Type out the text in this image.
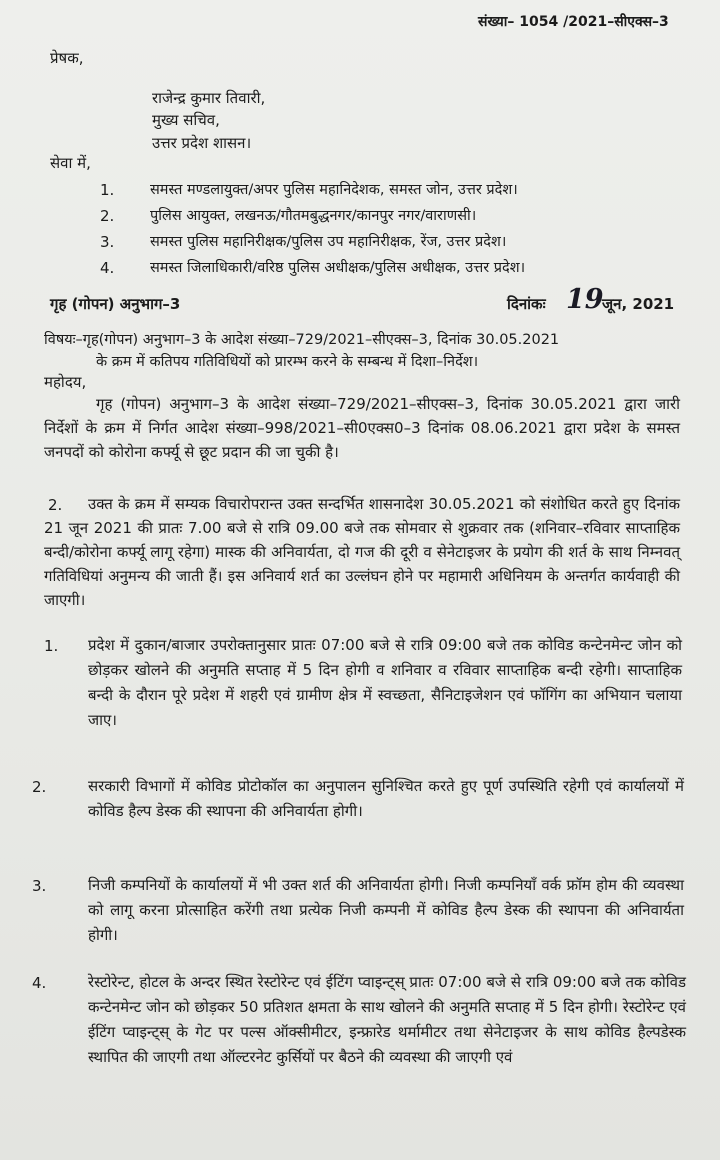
संख्या– 1054 /2021–सीएक्स–3
प्रेषक,
राजेन्द्र कुमार तिवारी,
मुख्य सचिव,
उत्तर प्रदेश शासन।
सेवा में,
1. समस्त मण्डलायुक्त/अपर पुलिस महानिदेशक, समस्त जोन, उत्तर प्रदेश।
2. पुलिस आयुक्त, लखनऊ/गौतमबुद्धनगर/कानपुर नगर/वाराणसी।
3. समस्त पुलिस महानिरीक्षक/पुलिस उप महानिरीक्षक, रेंज, उत्तर प्रदेश।
4. समस्त जिलाधिकारी/वरिष्ठ पुलिस अधीक्षक/पुलिस अधीक्षक, उत्तर प्रदेश।
गृह (गोपन) अनुभाग–3	दिनांकः 19
जून, 2021
विषयः–गृह(गोपन) अनुभाग–3 के आदेश संख्या–729/2021–सीएक्स–3, दिनांक 30.05.2021
के क्रम में कतिपय गतिविधियों को प्रारम्भ करने के सम्बन्ध में दिशा–निर्देश।
महोदय,
गृह (गोपन) अनुभाग–3 के आदेश संख्या–729/2021–सीएक्स–3, दिनांक 30.05.2021 द्वारा जारी निर्देशों के क्रम में निर्गत आदेश संख्या–998/2021–सी0एक्स0–3 दिनांक 08.06.2021 द्वारा प्रदेश के समस्त जनपदों को कोरोना कर्फ्यू से छूट प्रदान की जा चुकी है।
2.	उक्त के क्रम में सम्यक विचारोपरान्त उक्त सन्दर्भित शासनादेश 30.05.2021 को संशोधित करते हुए दिनांक 21 जून 2021 की प्रातः 7.00 बजे से रात्रि 09.00 बजे तक सोमवार से शुक्रवार तक (शनिवार–रविवार साप्ताहिक बन्दी/कोरोना कर्फ्यू लागू रहेगा) मास्क की अनिवार्यता, दो गज की दूरी व सेनेटाइजर के प्रयोग की शर्त के साथ निम्नवत् गतिविधियां अनुमन्य की जाती हैं। इस अनिवार्य शर्त का उल्लंघन होने पर महामारी अधिनियम के अन्तर्गत कार्यवाही की जाएगी।
1. प्रदेश में दुकान/बाजार उपरोक्तानुसार प्रातः 07:00 बजे से रात्रि 09:00 बजे तक कोविड कन्टेनमेन्ट जोन को छोड़कर खोलने की अनुमति सप्ताह में 5 दिन होगी व शनिवार व रविवार साप्ताहिक बन्दी रहेगी। साप्ताहिक बन्दी के दौरान पूरे प्रदेश में शहरी एवं ग्रामीण क्षेत्र में स्वच्छता, सैनिटाइजेशन एवं फॉगिंग का अभियान चलाया जाए।
2.	सरकारी विभागों में कोविड प्रोटोकॉल का अनुपालन सुनिश्चित करते हुए पूर्ण उपस्थिति रहेगी एवं कार्यालयों में कोविड हैल्प डेस्क की स्थापना की अनिवार्यता होगी।
3.	निजी कम्पनियों के कार्यालयों में भी उक्त शर्त की अनिवार्यता होगी। निजी कम्पनियाँ वर्क फ्रॉम होम की व्यवस्था को लागू करना प्रोत्साहित करेंगी तथा प्रत्येक निजी कम्पनी में कोविड हैल्प डेस्क की स्थापना की अनिवार्यता होगी।
4.	रेस्टोरेन्ट, होटल के अन्दर स्थित रेस्टोरेन्ट एवं ईटिंग प्वाइन्ट्स् प्रातः 07:00 बजे से रात्रि 09:00 बजे तक कोविड कन्टेनमेन्ट जोन को छोड़कर 50 प्रतिशत क्षमता के साथ खोलने की अनुमति सप्ताह में 5 दिन होगी। रेस्टोरेन्ट एवं ईटिंग प्वाइन्ट्स् के गेट पर पल्स ऑक्सीमीटर, इन्फ्रारेड थर्मामीटर तथा सेनेटाइजर के साथ कोविड हैल्पडेस्क स्थापित की जाएगी तथा ऑल्टरनेट कुर्सियों पर बैठने की व्यवस्था की जाएगी एवं
